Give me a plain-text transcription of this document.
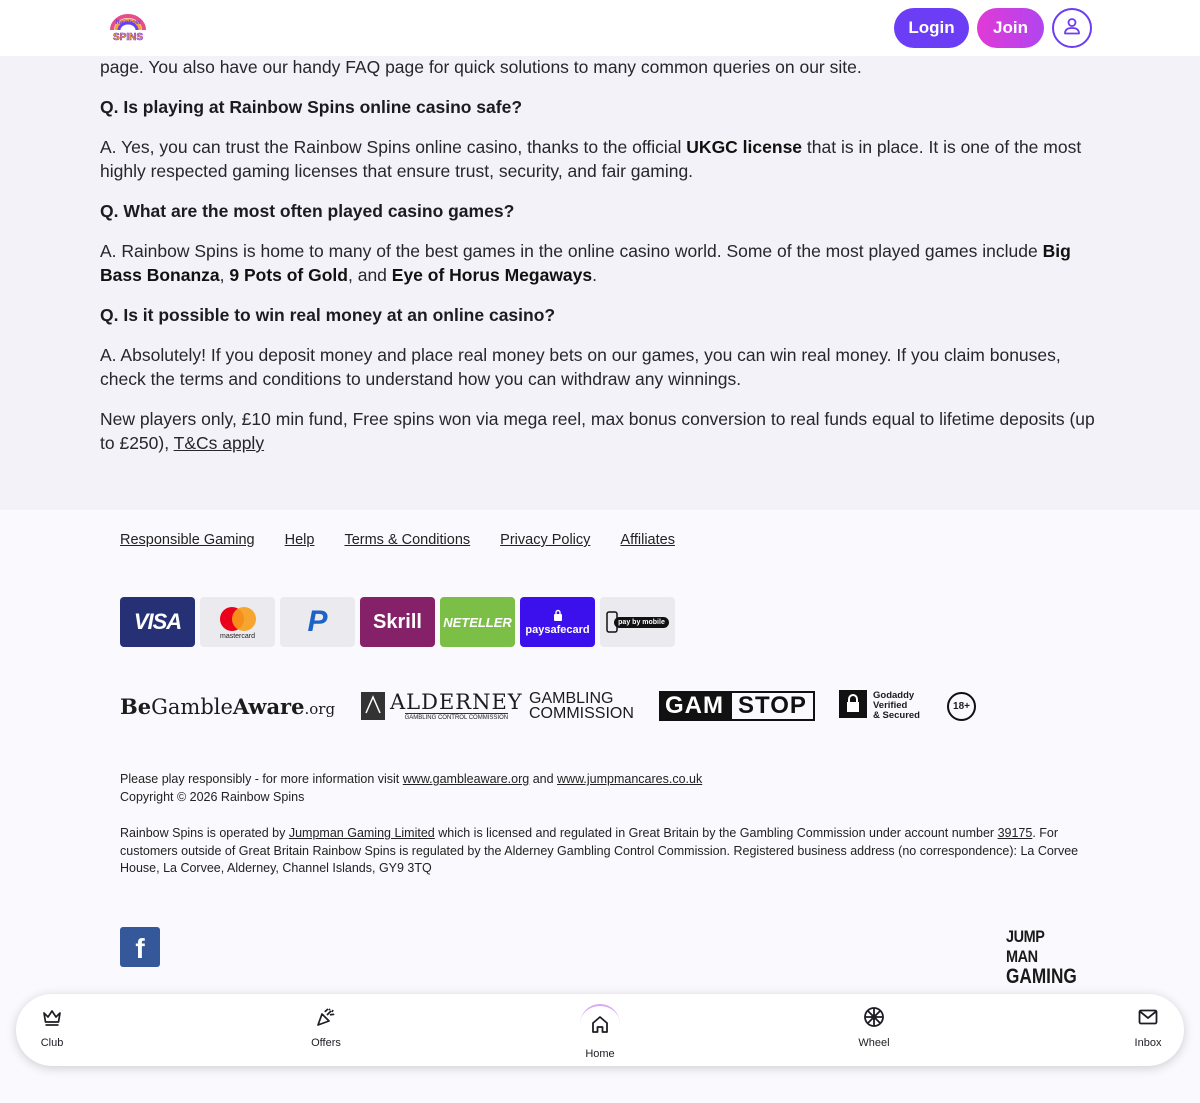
page. You also have our handy FAQ page for quick solutions to many common queries on our site.

Q. Is playing at Rainbow Spins online casino safe?

A. Yes, you can trust the Rainbow Spins online casino, thanks to the official UKGC license that is in place. It is one of the most highly respected gaming licenses that ensure trust, security, and fair gaming.

Q. What are the most often played casino games?

A. Rainbow Spins is home to many of the best games in the online casino world. Some of the most played games include Big Bass Bonanza, 9 Pots of Gold, and Eye of Horus Megaways.

Q. Is it possible to win real money at an online casino?

A. Absolutely! If you deposit money and place real money bets on our games, you can win real money. If you claim bonuses, check the terms and conditions to understand how you can withdraw any winnings.

New players only, £10 min fund, Free spins won via mega reel, max bonus conversion to real funds equal to lifetime deposits (up to £250), T&Cs apply

Rainbow
SPINS
Login	Join
Responsible Gaming Help Terms & Conditions Privacy Policy Affiliates
VISA
mastercard P	Skrill	NETELLER paysafecard
pay by mobile
BeGambleAware.org	ALDERNEY
GAMBLING CONTROL COMMISSION
GAMBLING
COMMISSION GAM STOP	Godaddy
Verified
& Secured
18+
Please play responsibly - for more information visit www.gambleaware.org and www.jumpmancares.co.uk
Copyright © 2026 Rainbow Spins
Rainbow Spins is operated by Jumpman Gaming Limited which is licensed and regulated in Great Britain by the Gambling Commission under account number 39175. For customers outside of Great Britain Rainbow Spins is regulated by the Alderney Gambling Control Commission. Registered business address (no correspondence): La Corvee House, La Corvee, Alderney, Channel Islands, GY9 3TQ
f	JUMP MAN
GAMING
Club	Offers
Home
Wheel	Inbox
